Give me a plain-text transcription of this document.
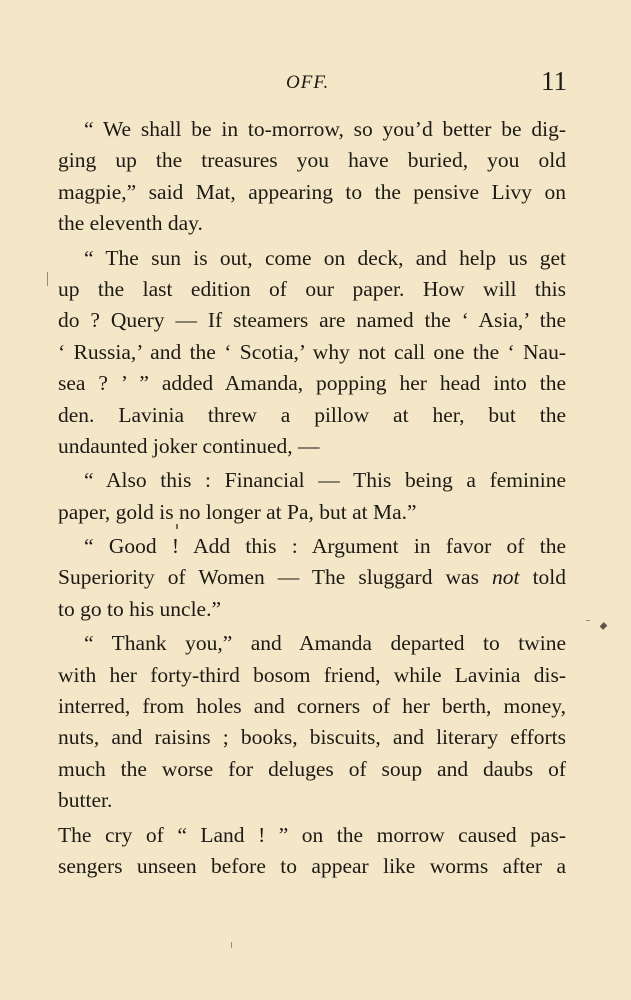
OFF.	11
“ We shall be in to-morrow, so you’d better be dig-
ging up the treasures you have buried, you old
magpie,” said Mat, appearing to the pensive Livy on
the eleventh day.
“ The sun is out, come on deck, and help us get
up the last edition of our paper. How will this
do ? Query — If steamers are named the ‘ Asia,’ the
‘ Russia,’ and the ‘ Scotia,’ why not call one the ‘ Nau-
sea ? ’ ” added Amanda, popping her head into the
den. Lavinia threw a pillow at her, but the
undaunted joker continued, —
“ Also this : Financial — This being a feminine
paper, gold is no longer at Pa, but at Ma.”
“ Good ! Add this : Argument in favor of the
Superiority of Women — The sluggard was not told
to go to his uncle.”
“ Thank you,” and Amanda departed to twine
with her forty-third bosom friend, while Lavinia dis-
interred, from holes and corners of her berth, money,
nuts, and raisins ; books, biscuits, and literary efforts
much the worse for deluges of soup and daubs of
butter.
The cry of “ Land ! ” on the morrow caused pas-
sengers unseen before to appear like worms after a
